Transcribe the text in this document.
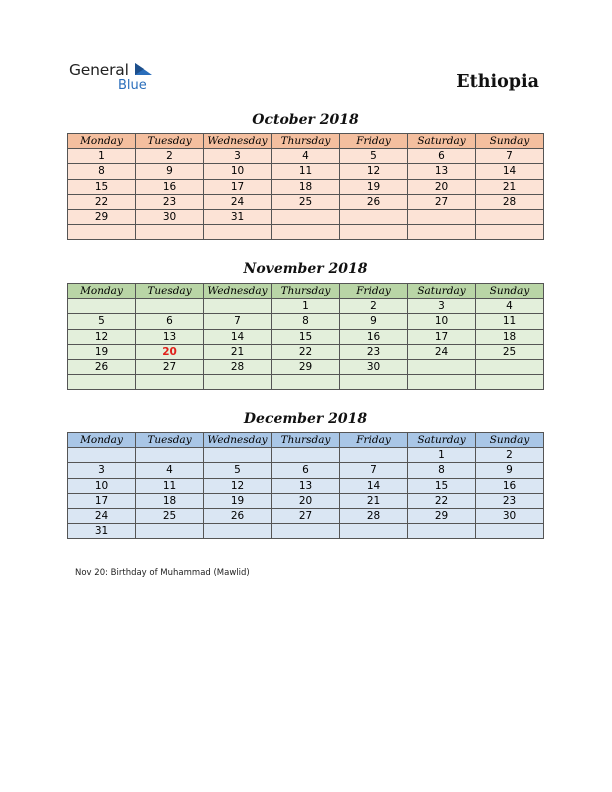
General
Blue	Ethiopia
October 2018
Monday	Tuesday	Wednesday	Thursday	Friday	Saturday	Sunday
1	2	3	4	5	6	7
8	9	10	11	12	13	14
15	16	17	18	19	20	21
22	23	24	25	26	27	28
29	30	31				

November 2018
Monday	Tuesday	Wednesday	Thursday	Friday	Saturday	Sunday
			1	2	3	4
5	6	7	8	9	10	11
12	13	14	15	16	17	18
19	20	21	22	23	24	25
26	27	28	29	30		

December 2018
Monday	Tuesday	Wednesday	Thursday	Friday	Saturday	Sunday
					1	2
3	4	5	6	7	8	9
10	11	12	13	14	15	16
17	18	19	20	21	22	23
24	25	26	27	28	29	30
31						
Nov 20: Birthday of Muhammad (Mawlid)
